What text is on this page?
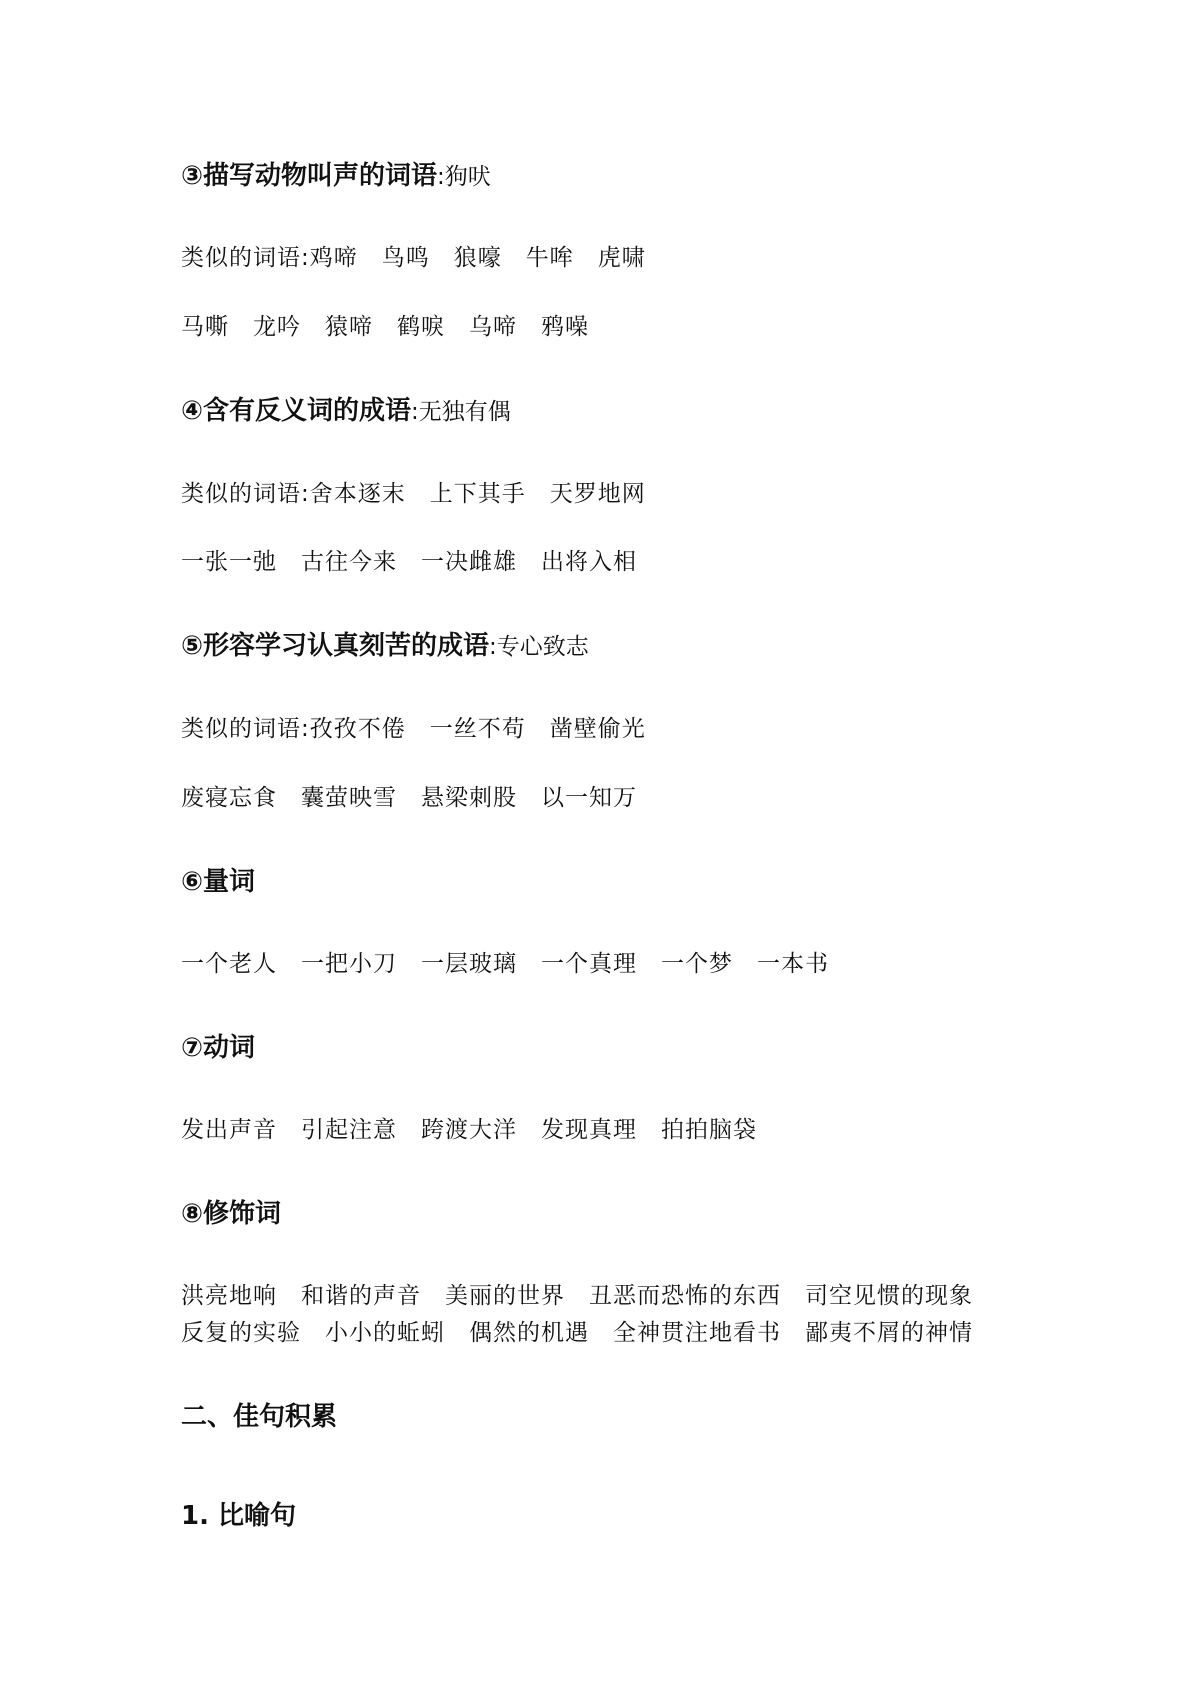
③描写动物叫声的词语:狗吠
类似的词语:鸡啼 鸟鸣 狼嚎 牛哞 虎啸
马嘶 龙吟 猿啼 鹤唳 乌啼 鸦噪
④含有反义词的成语:无独有偶
类似的词语:舍本逐末 上下其手 天罗地网
一张一弛 古往今来 一决雌雄 出将入相
⑤形容学习认真刻苦的成语:专心致志
类似的词语:孜孜不倦 一丝不苟 凿壁偷光
废寝忘食 囊萤映雪 悬梁刺股 以一知万
⑥量词
一个老人 一把小刀 一层玻璃 一个真理 一个梦 一本书
⑦动词
发出声音 引起注意 跨渡大洋 发现真理 拍拍脑袋
⑧修饰词
洪亮地响 和谐的声音 美丽的世界 丑恶而恐怖的东西 司空见惯的现象
反复的实验 小小的蚯蚓 偶然的机遇 全神贯注地看书 鄙夷不屑的神情
二、佳句积累
1. 比喻句
